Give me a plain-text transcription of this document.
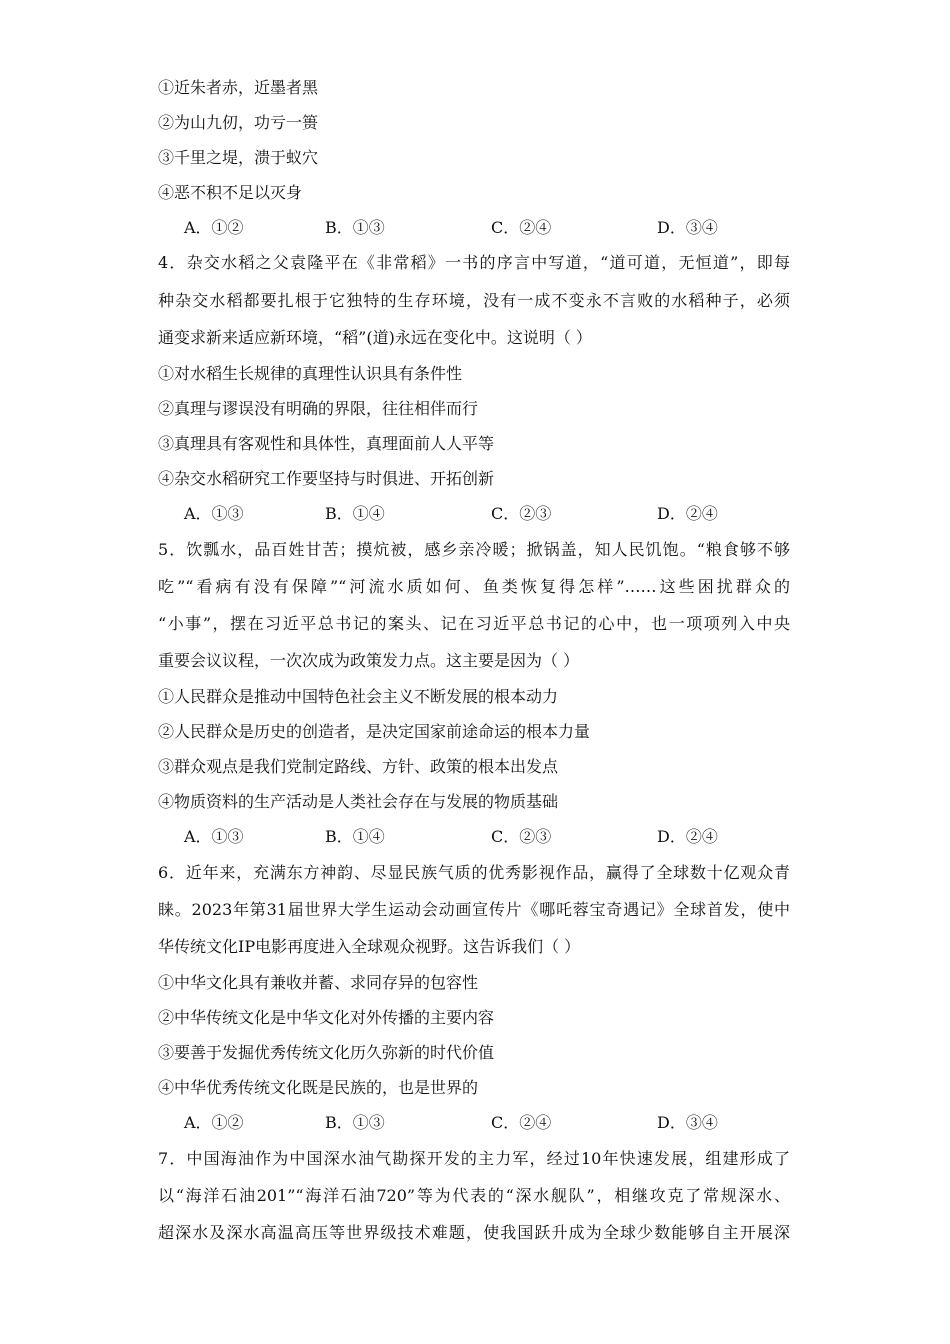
①近朱者赤，近墨者黑
②为山九仞，功亏一篑
③千里之堤，溃于蚁穴
④恶不积不足以灭身
A．①②	B．①③	C．②④	D．③④
4．杂交水稻之父袁隆平在《非常稻》一书的序言中写道，“道可道，无恒道”，即每
种杂交水稻都要扎根于它独特的生存环境，没有一成不变永不言败的水稻种子，必须
通变求新来适应新环境，“稻”(道)永远在变化中。这说明（ ）
①对水稻生长规律的真理性认识具有条件性
②真理与谬误没有明确的界限，往往相伴而行
③真理具有客观性和具体性，真理面前人人平等
④杂交水稻研究工作要坚持与时俱进、开拓创新
A．①③	B．①④	C．②③	D．②④
5．饮瓢水，品百姓甘苦；摸炕被，感乡亲冷暖；掀锅盖，知人民饥饱。“粮食够不够
吃”“看病有没有保障”“河流水质如何、鱼类恢复得怎样”……这些困扰群众的
“小事”，摆在习近平总书记的案头、记在习近平总书记的心中，也一项项列入中央
重要会议议程，一次次成为政策发力点。这主要是因为（ ）
①人民群众是推动中国特色社会主义不断发展的根本动力
②人民群众是历史的创造者，是决定国家前途命运的根本力量
③群众观点是我们党制定路线、方针、政策的根本出发点
④物质资料的生产活动是人类社会存在与发展的物质基础
A．①③	B．①④	C．②③	D．②④
6．近年来，充满东方神韵、尽显民族气质的优秀影视作品，赢得了全球数十亿观众青
睐。2023年第31届世界大学生运动会动画宣传片《哪吒蓉宝奇遇记》全球首发，使中
华传统文化IP电影再度进入全球观众视野。这告诉我们（ ）
①中华文化具有兼收并蓄、求同存异的包容性
②中华传统文化是中华文化对外传播的主要内容
③要善于发掘优秀传统文化历久弥新的时代价值
④中华优秀传统文化既是民族的，也是世界的
A．①②	B．①③	C．②④	D．③④
7．中国海油作为中国深水油气勘探开发的主力军，经过10年快速发展，组建形成了
以“海洋石油201”“海洋石油720”等为代表的“深水舰队”，相继攻克了常规深水、
超深水及深水高温高压等世界级技术难题，使我国跃升成为全球少数能够自主开展深
